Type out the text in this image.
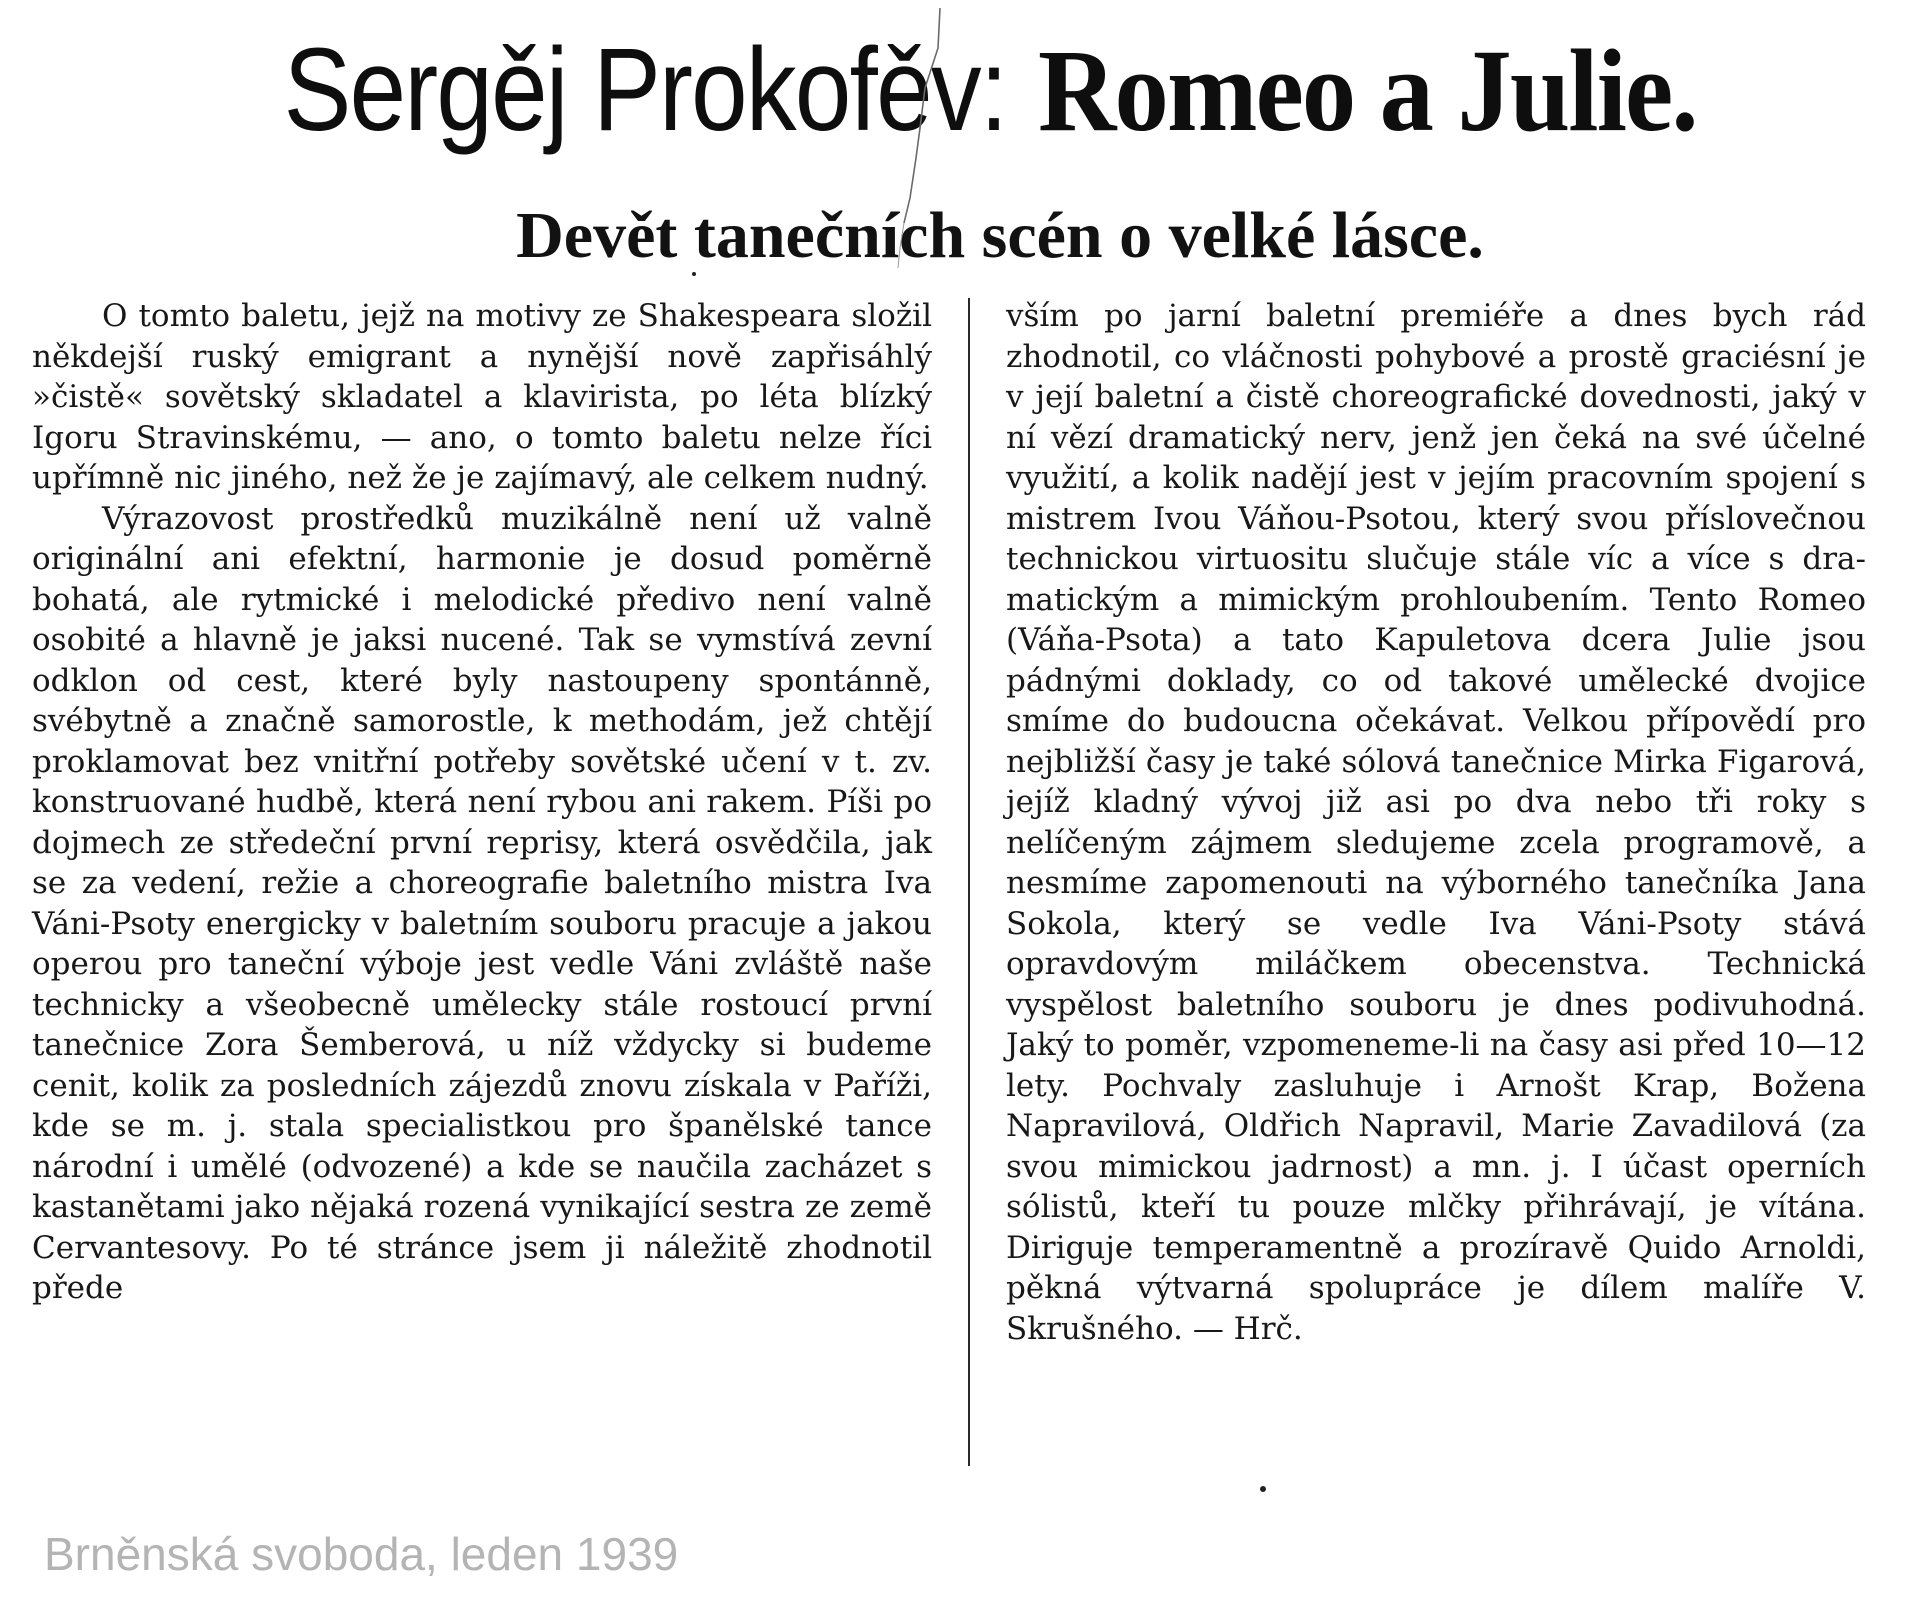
Sergěj Prokofěv: Romeo a Julie.
Devět tanečních scén o velké lásce.

O tomto baletu, jejž na motivy ze Shakespeara složil někdejší ruský emigrant a nynější nově zapřisáhlý »čistě« sovětský skladatel a klavirista, po léta blízký Igoru Stravinskému, — ano, o tomto baletu nelze říci upřímně nic jiného, než že je zajímavý, ale celkem nudný.

Výrazovost prostředků muzikálně není už valně originální ani efektní, harmonie je dosud poměrně bohatá, ale rytmické i melodické předivo není valně osobité a hlavně je jaksi nucené. Tak se vymstívá zevní odklon od cest, které byly nastoupeny spontánně, svébytně a značně samorostle, k methodám, jež chtějí proklamovat bez vnitřní potřeby sovětské učení v t. zv. konstruované hudbě, která není rybou ani rakem. Píši po dojmech ze středeční první reprisy, která osvědčila, jak se za vedení, režie a choreografie baletního mistra Iva Váni-Psoty energicky v baletním souboru pracuje a jakou operou pro taneční výboje jest vedle Váni zvláště naše technicky a všeobecně umělecky stále rostoucí první tanečnice Zora Šemberová, u níž vždycky si budeme cenit, kolik za posledních zájezdů znovu získala v Paříži, kde se m. j. stala specialistkou pro španělské tance národní i umělé (odvozené) a kde se naučila zacházet s kastanětami jako nějaká rozená vynikající sestra ze země Cervantesovy. Po té stránce jsem ji náležitě zhodnotil přede

vším po jarní baletní premiéře a dnes bych rád zhodnotil, co vláčnosti pohybové a prostě graciésní je v její baletní a čistě choreografické dovednosti, jaký v ní vězí dramatický nerv, jenž jen čeká na své účelné využití, a kolik nadějí jest v jejím pracovním spojení s mistrem Ivou Váňou-Psotou, který svou příslovečnou technickou virtuositu slučuje stále víc a více s dramatickým a mimickým prohloubením. Tento Romeo (Váňa-Psota) a tato Kapuletova dcera Julie jsou pádnými doklady, co od takové umělecké dvojice smíme do budoucna očekávat. Velkou přípovědí pro nejbližší časy je také sólová tanečnice Mirka Figarová, jejíž kladný vývoj již asi po dva nebo tři roky s nelíčeným zájmem sledujeme zcela programově, a nesmíme zapomenouti na výborného tanečníka Jana Sokola, který se vedle Iva Váni-Psoty stává opravdovým miláčkem obecenstva. Technická vyspělost baletního souboru je dnes podivuhodná. Jaký to poměr, vzpomeneme-li na časy asi před 10—12 lety. Pochvaly zasluhuje i Arnošt Krap, Božena Napravilová, Oldřich Napravil, Marie Zavadilová (za svou mimickou jadrnost) a mn. j. I účast operních sólistů, kteří tu pouze mlčky přihrávají, je vítána. Diriguje temperamentně a prozíravě Quido Arnoldi, pěkná výtvarná spolupráce je dílem malíře V. Skrušného. — Hrč.

Brněnská svoboda, leden 1939
